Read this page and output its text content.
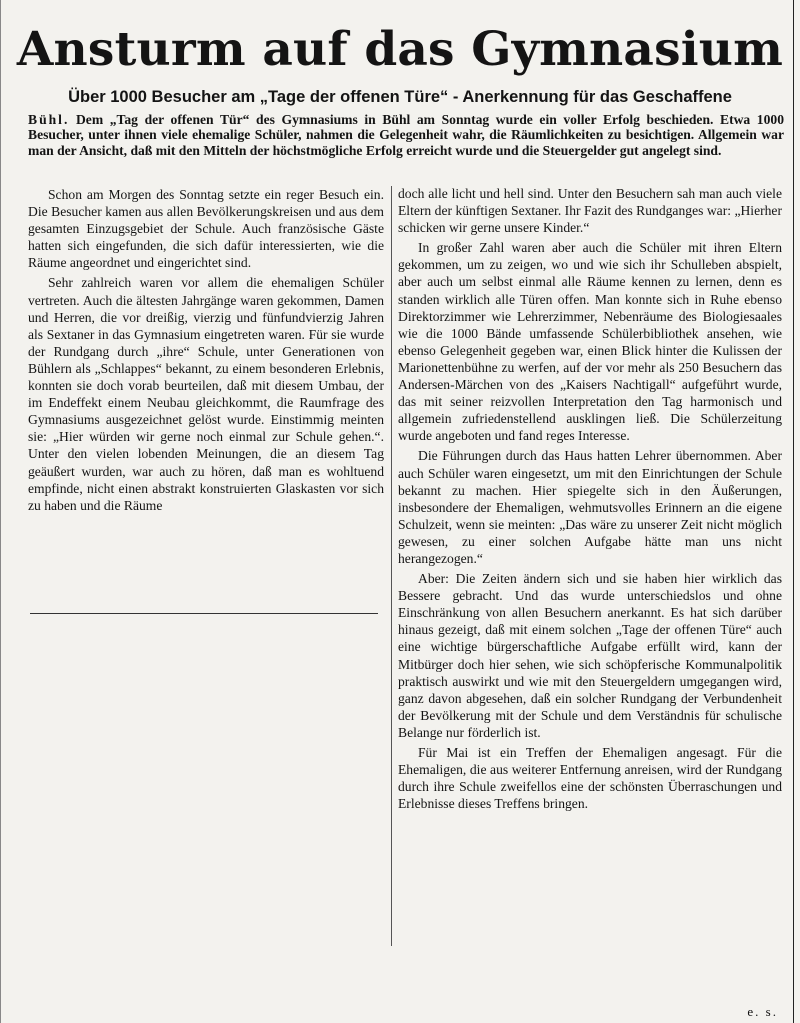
Ansturm auf das Gymnasium
Über 1000 Besucher am „Tage der offenen Türe“ - Anerkennung für das Geschaffene

Bühl. Dem „Tag der offenen Tür“ des Gymnasiums in Bühl am Sonntag wurde ein voller Erfolg beschieden. Etwa 1000 Besucher, unter ihnen viele ehemalige Schüler, nahmen die Gelegenheit wahr, die Räumlichkeiten zu besichtigen. Allgemein war man der Ansicht, daß mit den Mitteln der höchstmögliche Erfolg erreicht wurde und die Steuergelder gut angelegt sind.

Schon am Morgen des Sonntag setzte ein reger Besuch ein. Die Besucher kamen aus allen Bevölkerungskreisen und aus dem gesamten Einzugsgebiet der Schule. Auch französische Gäste hatten sich eingefunden, die sich dafür interessierten, wie die Räume angeordnet und eingerichtet sind.

Sehr zahlreich waren vor allem die ehemaligen Schüler vertreten. Auch die ältesten Jahrgänge waren gekommen, Damen und Herren, die vor dreißig, vierzig und fünfundvierzig Jahren als Sextaner in das Gymnasium eingetreten waren. Für sie wurde der Rundgang durch „ihre“ Schule, unter Generationen von Bühlern als „Schlappes“ bekannt, zu einem besonderen Erlebnis, konnten sie doch vorab beurteilen, daß mit diesem Umbau, der im Endeffekt einem Neubau gleichkommt, die Raumfrage des Gymnasiums ausgezeichnet gelöst wurde. Einstimmig meinten sie: „Hier würden wir gerne noch einmal zur Schule gehen.“. Unter den vielen lobenden Meinungen, die an diesem Tag geäußert wurden, war auch zu hören, daß man es wohltuend empfinde, nicht einen abstrakt konstruierten Glaskasten vor sich zu haben und die Räume

doch alle licht und hell sind. Unter den Besuchern sah man auch viele Eltern der künftigen Sextaner. Ihr Fazit des Rundganges war: „Hierher schicken wir gerne unsere Kinder.“

In großer Zahl waren aber auch die Schüler mit ihren Eltern gekommen, um zu zeigen, wo und wie sich ihr Schulleben abspielt, aber auch um selbst einmal alle Räume kennen zu lernen, denn es standen wirklich alle Türen offen. Man konnte sich in Ruhe ebenso Direktorzimmer wie Lehrerzimmer, Nebenräume des Biologiesaales wie die 1000 Bände umfassende Schülerbibliothek ansehen, wie ebenso Gelegenheit gegeben war, einen Blick hinter die Kulissen der Marionettenbühne zu werfen, auf der vor mehr als 250 Besuchern das Andersen-Märchen von des „Kaisers Nachtigall“ aufgeführt wurde, das mit seiner reizvollen Interpretation den Tag harmonisch und allgemein zufriedenstellend ausklingen ließ. Die Schülerzeitung wurde angeboten und fand reges Interesse.

Die Führungen durch das Haus hatten Lehrer übernommen. Aber auch Schüler waren eingesetzt, um mit den Einrichtungen der Schule bekannt zu machen. Hier spiegelte sich in den Äußerungen, insbesondere der Ehemaligen, wehmutsvolles Erinnern an die eigene Schulzeit, wenn sie meinten: „Das wäre zu unserer Zeit nicht möglich gewesen, zu einer solchen Aufgabe hätte man uns nicht herangezogen.“

Aber: Die Zeiten ändern sich und sie haben hier wirklich das Bessere gebracht. Und das wurde unterschiedslos und ohne Einschränkung von allen Besuchern anerkannt. Es hat sich darüber hinaus gezeigt, daß mit einem solchen „Tage der offenen Türe“ auch eine wichtige bürgerschaftliche Aufgabe erfüllt wird, kann der Mitbürger doch hier sehen, wie sich schöpferische Kommunalpolitik praktisch auswirkt und wie mit den Steuergeldern umgegangen wird, ganz davon abgesehen, daß ein solcher Rundgang der Verbundenheit der Bevölkerung mit der Schule und dem Verständnis für schulische Belange nur förderlich ist.

Für Mai ist ein Treffen der Ehemaligen angesagt. Für die Ehemaligen, die aus weiterer Entfernung anreisen, wird der Rundgang durch ihre Schule zweifellos eine der schönsten Überraschungen und Erlebnisse dieses Treffens bringen.

e. s.
